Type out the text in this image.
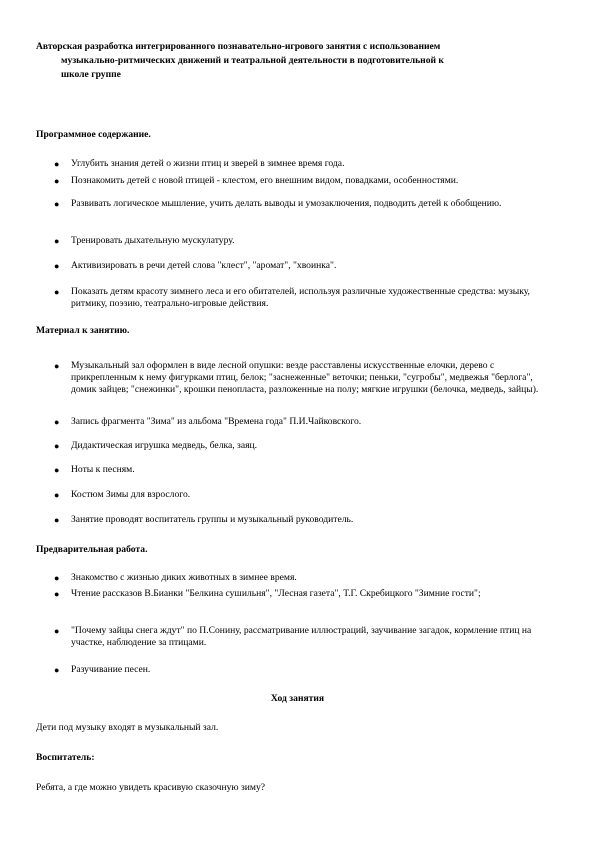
Авторская разработка интегрированного познавательно-игрового занятия с использованием
музыкально-ритмических движений и театральной деятельности в подготовительной к
школе группе
Программное содержание.
● Углубить знания детей о жизни птиц и зверей в зимнее время года.
● Познакомить детей с новой птицей - клестом, его внешним видом, повадками, особенностями.
● Развивать логическое мышление, учить делать выводы и умозаключения, подводить детей к обобщению.
● Тренировать дыхательную мускулатуру.
● Активизировать в речи детей слова "клест", "аромат", "хвоинка".
● Показать детям красоту зимнего леса и его обитателей, используя различные художественные средства: музыку, ритмику, поэзию, театрально-игровые действия.
Материал к занятию.
● Музыкальный зал оформлен в виде лесной опушки: везде расставлены искусственные елочки, дерево с прикрепленным к нему фигурками птиц, белок; "заснеженные" веточки; пеньки, "сугробы", медвежья "берлога", домик зайцев; "снежинки", крошки пенопласта, разложенные на полу; мягкие игрушки (белочка, медведь, зайцы).
● Запись фрагмента "Зима" из альбома "Времена года" П.И.Чайковского.
● Дидактическая игрушка медведь, белка, заяц.
● Ноты к песням.
● Костюм Зимы для взрослого.
● Занятие проводят воспитатель группы и музыкальный руководитель.
Предварительная работа.
● Знакомство с жизнью диких животных в зимнее время.
● Чтение рассказов В.Бианки "Белкина сушильня", "Лесная газета", Т.Г. Скребицкого "Зимние гости";
● "Почему зайцы снега ждут" по П.Сонину, рассматривание иллюстраций, заучивание загадок, кормление птиц на участке, наблюдение за птицами.
● Разучивание песен.
Ход занятия
Дети под музыку входят в музыкальный зал.
Воспитатель:
Ребята, а где можно увидеть красивую сказочную зиму?
